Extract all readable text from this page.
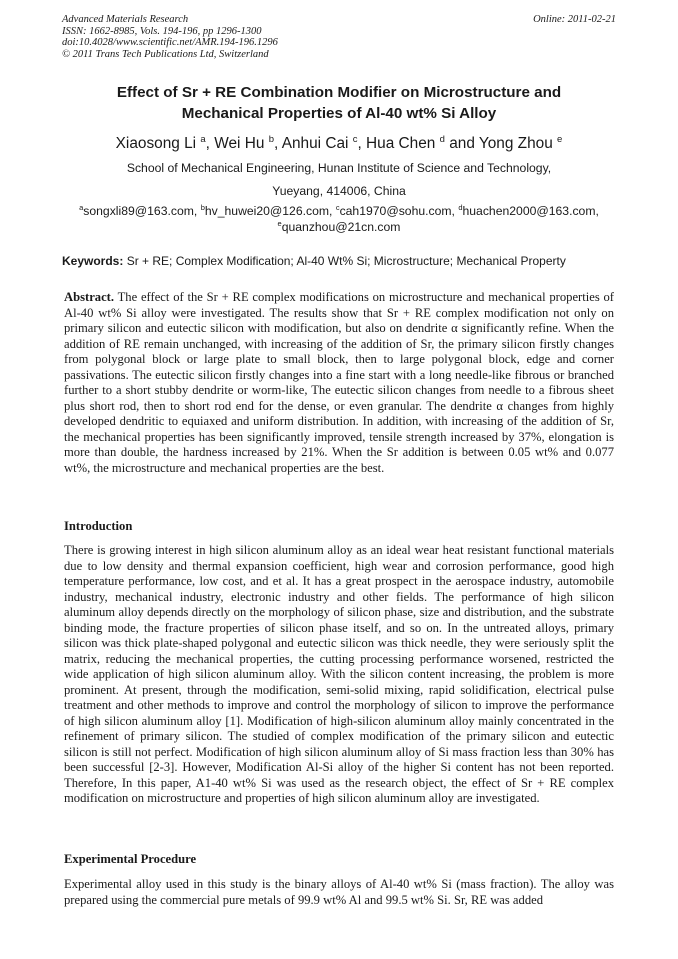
Advanced Materials Research
ISSN: 1662-8985, Vols. 194-196, pp 1296-1300
doi:10.4028/www.scientific.net/AMR.194-196.1296
© 2011 Trans Tech Publications Ltd, Switzerland
Online: 2011-02-21
Effect of Sr + RE Combination Modifier on Microstructure and
Mechanical Properties of Al-40 wt% Si Alloy
Xiaosong Li $^a$, Wei Hu $^b$, Anhui Cai $^c$, Hua Chen $^d$ and Yong Zhou $^e$
School of Mechanical Engineering, Hunan Institute of Science and Technology,
Yueyang, 414006, China
$^a$songxli89@163.com, $^b$hv_huwei20@126.com, $^c$cah1970@sohu.com, $^d$huachen2000@163.com,
$^e$quanzhou@21cn.com
Keywords: Sr + RE; Complex Modification; Al-40 Wt% Si; Microstructure; Mechanical Property
Abstract. The effect of the Sr + RE complex modifications on microstructure and mechanical properties of Al-40 wt% Si alloy were investigated. The results show that Sr + RE complex modification not only on primary silicon and eutectic silicon with modification, but also on dendrite α significantly refine. When the addition of RE remain unchanged, with increasing of the addition of Sr, the primary silicon firstly changes from polygonal block or large plate to small block, then to large polygonal block, edge and corner passivations. The eutectic silicon firstly changes into a fine start with a long needle-like fibrous or branched further to a short stubby dendrite or worm-like, The eutectic silicon changes from needle to a fibrous sheet plus short rod, then to short rod end for the dense, or even granular. The dendrite α changes from highly developed dendritic to equiaxed and uniform distribution. In addition, with increasing of the addition of Sr, the mechanical properties has been significantly improved, tensile strength increased by 37%, elongation is more than double, the hardness increased by 21%. When the Sr addition is between 0.05 wt% and 0.077 wt%, the microstructure and mechanical properties are the best.
Introduction
There is growing interest in high silicon aluminum alloy as an ideal wear heat resistant functional materials due to low density and thermal expansion coefficient, high wear and corrosion performance, good high temperature performance, low cost, and et al. It has a great prospect in the aerospace industry, automobile industry, mechanical industry, electronic industry and other fields. The performance of high silicon aluminum alloy depends directly on the morphology of silicon phase, size and distribution, and the substrate binding mode, the fracture properties of silicon phase itself, and so on. In the untreated alloys, primary silicon was thick plate-shaped polygonal and eutectic silicon was thick needle, they were seriously split the matrix, reducing the mechanical properties, the cutting processing performance worsened, restricted the wide application of high silicon aluminum alloy. With the silicon content increasing, the problem is more prominent. At present, through the modification, semi-solid mixing, rapid solidification, electrical pulse treatment and other methods to improve and control the morphology of silicon to improve the performance of high silicon aluminum alloy [1]. Modification of high-silicon aluminum alloy mainly concentrated in the refinement of primary silicon. The studied of complex modification of the primary silicon and eutectic silicon is still not perfect. Modification of high silicon aluminum alloy of Si mass fraction less than 30% has been successful [2-3]. However, Modification Al-Si alloy of the higher Si content has not been reported. Therefore, In this paper, A1-40 wt% Si was used as the research object, the effect of Sr + RE complex modification on microstructure and properties of high silicon aluminum alloy are investigated.
Experimental Procedure
Experimental alloy used in this study is the binary alloys of Al-40 wt% Si (mass fraction). The alloy was prepared using the commercial pure metals of 99.9 wt% Al and 99.5 wt% Si. Sr, RE was added
